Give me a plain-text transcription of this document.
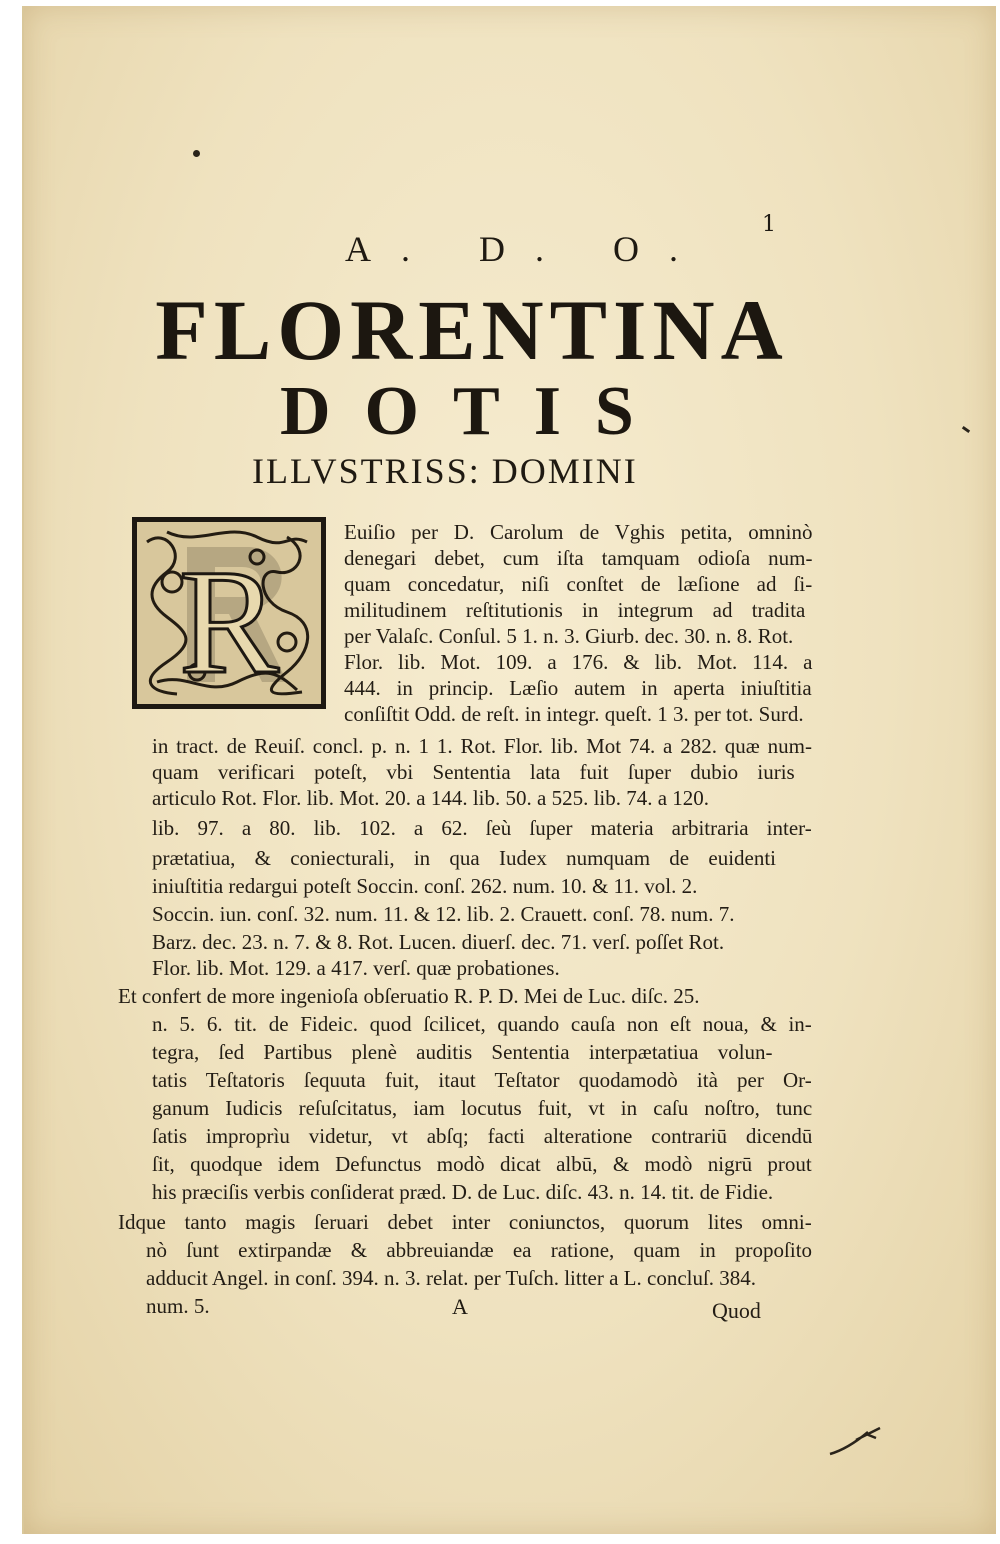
1
A. D. O.
FLORENTINA
DOTIS
ILLVSTRISS: DOMINI
R
Euiſio per D. Carolum de Vghis petita, omninò
denegari debet, cum iſta tamquam odioſa num-
quam concedatur, niſi conſtet de læſione ad ſi-
militudinem reſtitutionis in integrum ad tradita
per Valaſc. Conſul. 5 1. n. 3. Giurb. dec. 30. n. 8. Rot.
Flor. lib. Mot. 109. a 176. & lib. Mot. 114. a
444. in princip. Læſio autem in aperta iniuſtitia
conſiſtit Odd. de reſt. in integr. queſt. 1 3. per tot. Surd.
in tract. de Reuiſ. concl. p. n. 1 1. Rot. Flor. lib. Mot 74. a 282. quæ num-
quam verificari poteſt, vbi Sententia lata fuit ſuper dubio iuris
articulo Rot. Flor. lib. Mot. 20. a 144. lib. 50. a 525. lib. 74. a 120.
lib. 97. a 80. lib. 102. a 62. ſeù ſuper materia arbitraria inter-
prætatiua, & coniecturali, in qua Iudex numquam de euidenti
iniuſtitia redargui poteſt Soccin. conſ. 262. num. 10. & 11. vol. 2.
Soccin. iun. conſ. 32. num. 11. & 12. lib. 2. Crauett. conſ. 78. num. 7.
Barz. dec. 23. n. 7. & 8. Rot. Lucen. diuerſ. dec. 71. verſ. poſſet Rot.
Flor. lib. Mot. 129. a 417. verſ. quæ probationes.
Et confert de more ingenioſa obſeruatio R. P. D. Mei de Luc. diſc. 25.
n. 5. 6. tit. de Fideic. quod ſcilicet, quando cauſa non eſt noua, & in-
tegra, ſed Partibus plenè auditis Sententia interpætatiua volun-
tatis Teſtatoris ſequuta fuit, itaut Teſtator quodamodò ità per Or-
ganum Iudicis reſuſcitatus, iam locutus fuit, vt in caſu noſtro, tunc
ſatis improprìu videtur, vt abſq; facti alteratione contrariū dicendū
ſit, quodque idem Defunctus modò dicat albū, & modò nigrū prout
his præciſis verbis conſiderat præd. D. de Luc. diſc. 43. n. 14. tit. de Fidie.
Idque tanto magis ſeruari debet inter coniunctos, quorum lites omni-
nò ſunt extirpandæ & abbreuiandæ ea ratione, quam in propoſito
adducit Angel. in conſ. 394. n. 3. relat. per Tuſch. litter a L. concluſ. 384.
num. 5.	A	Quod
